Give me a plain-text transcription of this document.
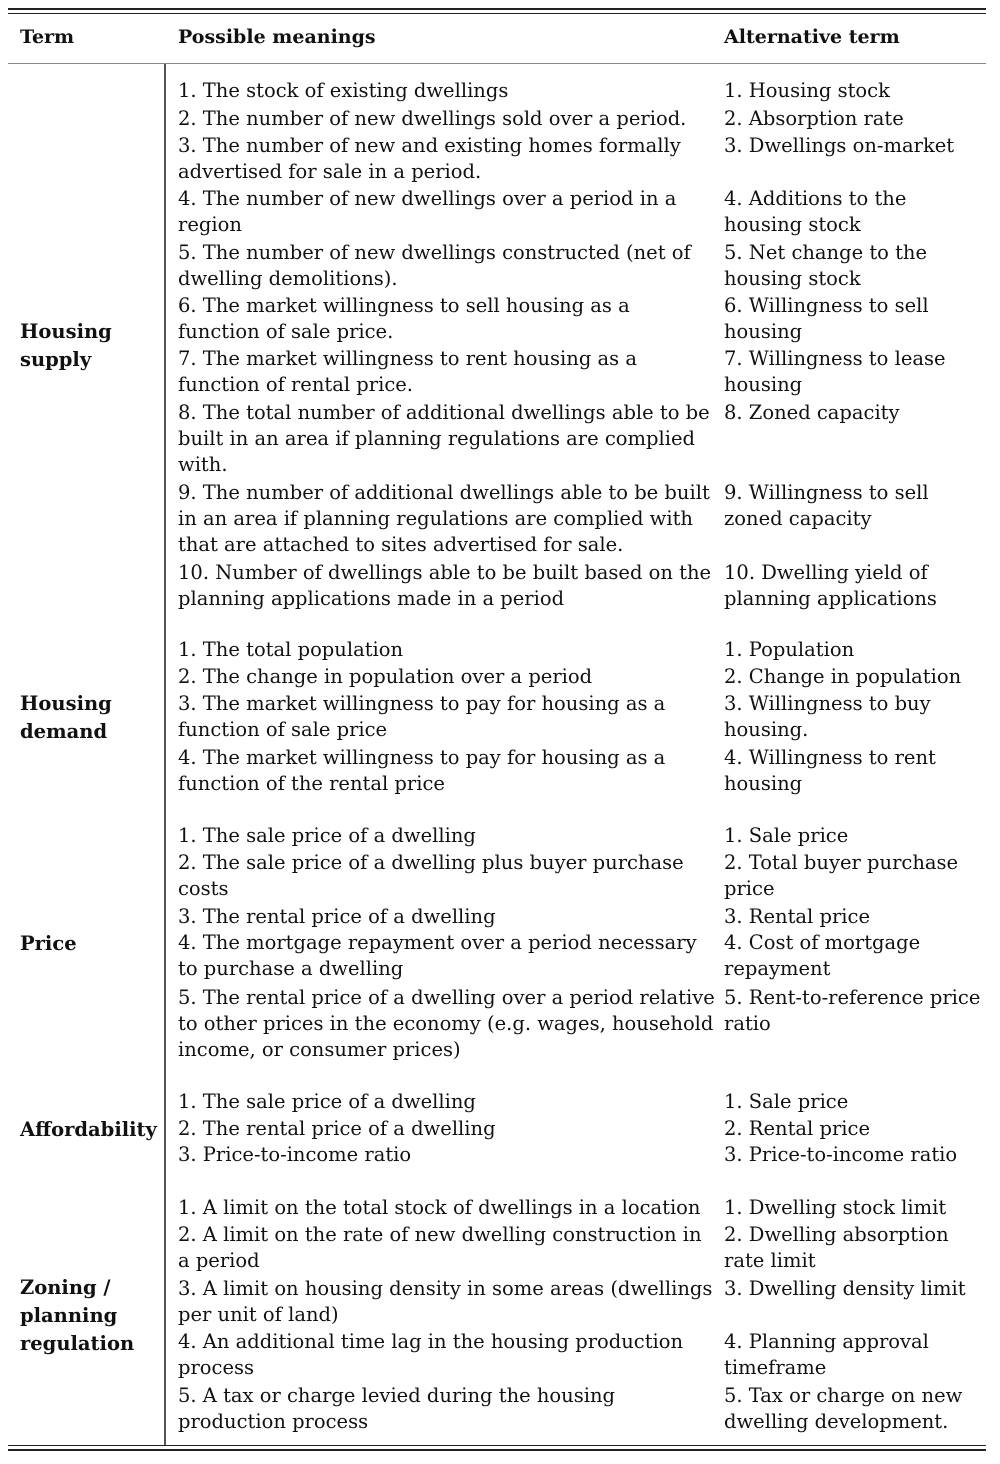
Term	Possible meanings	Alternative term
Housing
supply
1. The stock of existing dwellings
2. The number of new dwellings sold over a period.
3. The number of new and existing homes formally
advertised for sale in a period.
4. The number of new dwellings over a period in a
region
5. The number of new dwellings constructed (net of
dwelling demolitions).
6. The market willingness to sell housing as a
function of sale price.
7. The market willingness to rent housing as a
function of rental price.
8. The total number of additional dwellings able to be
built in an area if planning regulations are complied
with.
9. The number of additional dwellings able to be built
in an area if planning regulations are complied with
that are attached to sites advertised for sale.
10. Number of dwellings able to be built based on the
planning applications made in a period
1. Housing stock
2. Absorption rate
3. Dwellings on-market
4. Additions to the
housing stock
5. Net change to the
housing stock
6. Willingness to sell
housing
7. Willingness to lease
housing
8. Zoned capacity
9. Willingness to sell
zoned capacity
10. Dwelling yield of
planning applications
Housing
demand
1. The total population
2. The change in population over a period
3. The market willingness to pay for housing as a
function of sale price
4. The market willingness to pay for housing as a
function of the rental price
1. Population
2. Change in population
3. Willingness to buy
housing.
4. Willingness to rent
housing
Price
1. The sale price of a dwelling
2. The sale price of a dwelling plus buyer purchase
costs
3. The rental price of a dwelling
4. The mortgage repayment over a period necessary
to purchase a dwelling
5. The rental price of a dwelling over a period relative
to other prices in the economy (e.g. wages, household
income, or consumer prices)
1. Sale price
2. Total buyer purchase
price
3. Rental price
4. Cost of mortgage
repayment
5. Rent-to-reference price
ratio
Affordability
1. The sale price of a dwelling
2. The rental price of a dwelling
3. Price-to-income ratio
1. Sale price
2. Rental price
3. Price-to-income ratio
Zoning /
planning
regulation
1. A limit on the total stock of dwellings in a location
2. A limit on the rate of new dwelling construction in
a period
3. A limit on housing density in some areas (dwellings
per unit of land)
4. An additional time lag in the housing production
process
5. A tax or charge levied during the housing
production process
1. Dwelling stock limit
2. Dwelling absorption
rate limit
3. Dwelling density limit
4. Planning approval
timeframe
5. Tax or charge on new
dwelling development.
